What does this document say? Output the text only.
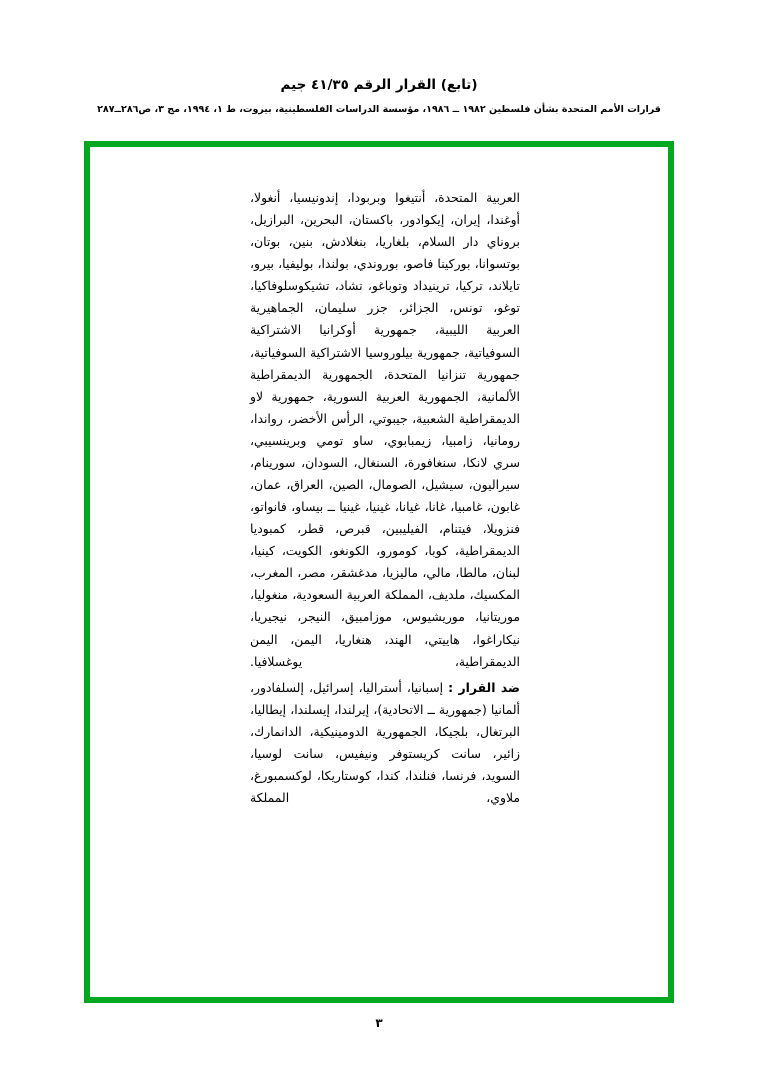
(تابع) القرار الرقم ٤١/٣٥ جيم
قرارات الأمم المتحدة بشأن فلسطين ١٩٨٢ ــ ١٩٨٦، مؤسسة الدراسات الفلسطينية، بيروت، ط ١، ١٩٩٤، مج ٣، ص٢٨٦ــ٢٨٧

العربية المتحدة، أنتيغوا وبربودا، إندونيسيا، أنغولا، أوغندا، إيران، إيكوادور، باكستان، البحرين، البرازيل، بروناي دار السلام، بلغاريا، بنغلادش، بنين، بوتان، بوتسوانا، بوركينا فاصو، بوروندي، بولندا، بوليفيا، بيرو، تايلاند، تركيا، ترينيداد وتوباغو، تشاد، تشيكوسلوفاكيا، توغو، تونس، الجزائر، جزر سليمان، الجماهيرية العربية الليبية، جمهورية أوكرانيا الاشتراكية السوفياتية، جمهورية بيلوروسيا الاشتراكية السوفياتية، جمهورية تنزانيا المتحدة، الجمهورية الديمقراطية الألمانية، الجمهورية العربية السورية، جمهورية لاو الديمقراطية الشعبية، جيبوتي، الرأس الأخضر، رواندا، رومانيا، زامبيا، زيمبابوي، ساو تومي وبرينسيبي، سري لانكا، سنغافورة، السنغال، السودان، سورينام، سيراليون، سيشيل، الصومال، الصين، العراق، عمان، غابون، غامبيا، غانا، غيانا، غينيا، غينيا ــ بيساو، فانواتو، فنزويلا، فيتنام، الفيليبين، قبرص، قطر، كمبوديا الديمقراطية، كوبا، كومورو، الكونغو، الكويت، كينيا، لبنان، مالطا، مالي، ماليزيا، مدغشقر، مصر، المغرب، المكسيك، ملديف، المملكة العربية السعودية، منغوليا، موريتانيا، موريشيوس، موزامبيق، النيجر، نيجيريا، نيكاراغوا، هاييتي، الهند، هنغاريا، اليمن، اليمن الديمقراطية، يوغسلافيا.

ضد القرار : إسبانيا، أستراليا، إسرائيل، إلسلفادور، ألمانيا (جمهورية ــ الاتحادية)، إيرلندا، إيسلندا، إيطاليا، البرتغال، بلجيكا، الجمهورية الدومينيكية، الدانمارك، زائير، سانت كريستوفر ونيفيس، سانت لوسيا، السويد، فرنسا، فنلندا، كندا، كوستاريكا، لوكسمبورغ، ملاوي، المملكة

٣
